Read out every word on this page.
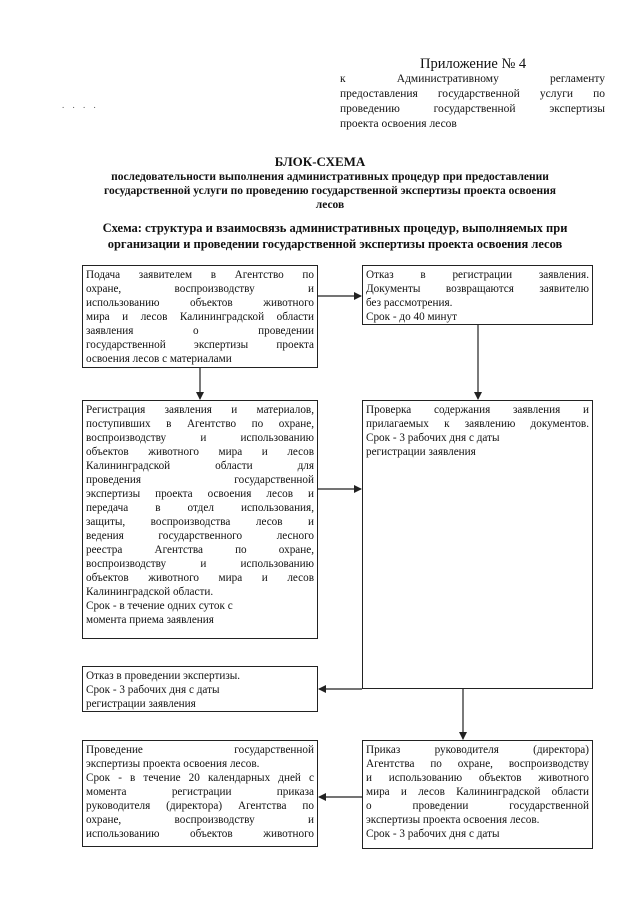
Приложение № 4
к Административному регламенту
предоставления государственной услуги по
проведению государственной экспертизы
проекта освоения лесов
. . . .
БЛОК-СХЕМА
последовательности выполнения административных процедур при предоставлении
государственной услуги по проведению государственной экспертизы проекта освоения
лесов
Схема: структура и взаимосвязь административных процедур, выполняемых при
организации и проведении государственной экспертизы проекта освоения лесов
Подача заявителем в Агентство по
охране, воспроизводству и
использованию объектов животного
мира и лесов Калининградской области
заявления о проведении
государственной экспертизы проекта
освоения лесов с материалами
Отказ в регистрации заявления.
Документы возвращаются заявителю
без рассмотрения.
Срок - до 40 минут
Регистрация заявления и материалов,
поступивших в Агентство по охране,
воспроизводству и использованию
объектов животного мира и лесов
Калининградской области для
проведения государственной
экспертизы проекта освоения лесов и
передача в отдел использования,
защиты, воспроизводства лесов и
ведения государственного лесного
реестра Агентства по охране,
воспроизводству и использованию
объектов животного мира и лесов
Калининградской области.
Срок - в течение одних суток с
момента приема заявления
Проверка содержания заявления и
прилагаемых к заявлению документов.
Срок - 3 рабочих дня с даты
регистрации заявления
Отказ в проведении экспертизы.
Срок - 3 рабочих дня с даты
регистрации заявления
Проведение государственной
экспертизы проекта освоения лесов.
Срок - в течение 20 календарных дней с
момента регистрации приказа
руководителя (директора) Агентства по
охране, воспроизводству и
использованию объектов животного
Приказ руководителя (директора)
Агентства по охране, воспроизводству
и использованию объектов животного
мира и лесов Калининградской области
о проведении государственной
экспертизы проекта освоения лесов.
Срок - 3 рабочих дня с даты
